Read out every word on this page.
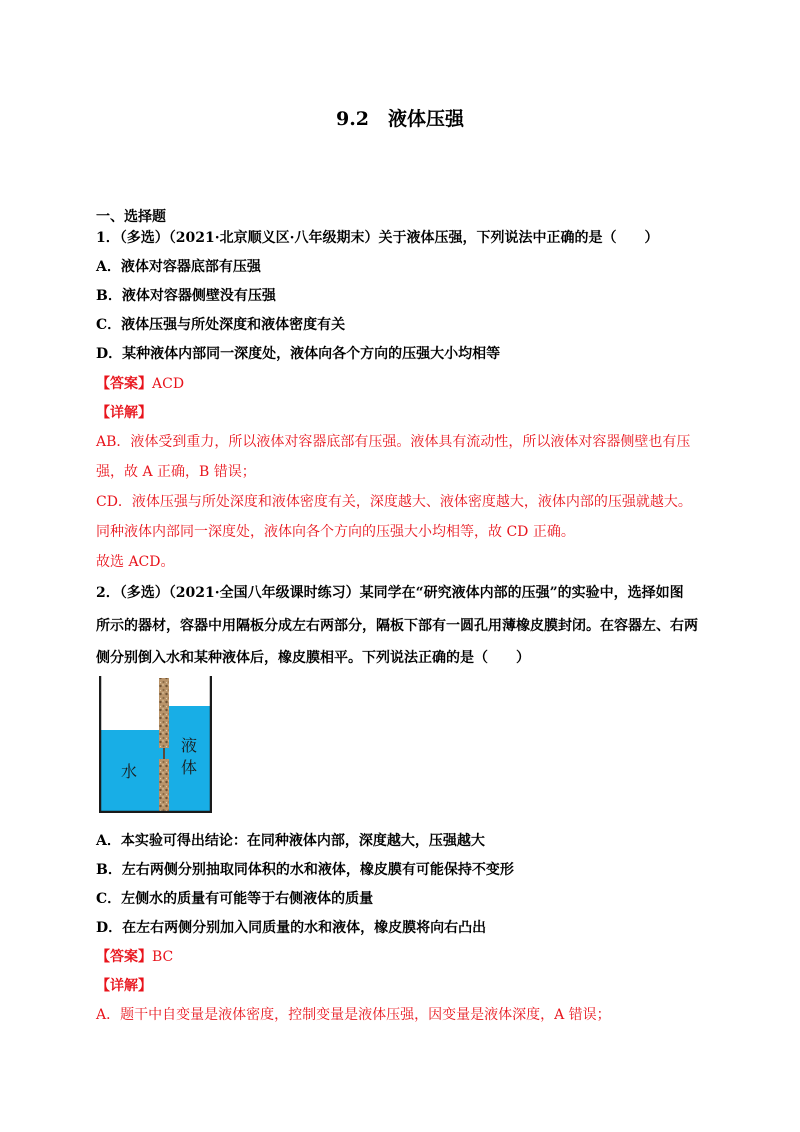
9.2　液体压强
一、选择题
1．（多选）（2021·北京顺义区·八年级期末）关于液体压强，下列说法中正确的是（　　）
A．液体对容器底部有压强
B．液体对容器侧壁没有压强
C．液体压强与所处深度和液体密度有关
D．某种液体内部同一深度处，液体向各个方向的压强大小均相等
【答案】ACD
【详解】
AB．液体受到重力，所以液体对容器底部有压强。液体具有流动性，所以液体对容器侧壁也有压
强，故 A 正确，B 错误；
CD．液体压强与所处深度和液体密度有关，深度越大、液体密度越大，液体内部的压强就越大。
同种液体内部同一深度处，液体向各个方向的压强大小均相等，故 CD 正确。
故选 ACD。
2．（多选）（2021·全国八年级课时练习）某同学在“研究液体内部的压强”的实验中，选择如图
所示的器材，容器中用隔板分成左右两部分，隔板下部有一圆孔用薄橡皮膜封闭。在容器左、右两
侧分别倒入水和某种液体后，橡皮膜相平。下列说法正确的是（　　）
水
液
体
A．本实验可得出结论：在同种液体内部，深度越大，压强越大
B．左右两侧分别抽取同体积的水和液体，橡皮膜有可能保持不变形
C．左侧水的质量有可能等于右侧液体的质量
D．在左右两侧分别加入同质量的水和液体，橡皮膜将向右凸出
【答案】BC
【详解】
A．题干中自变量是液体密度，控制变量是液体压强，因变量是液体深度，A 错误；
